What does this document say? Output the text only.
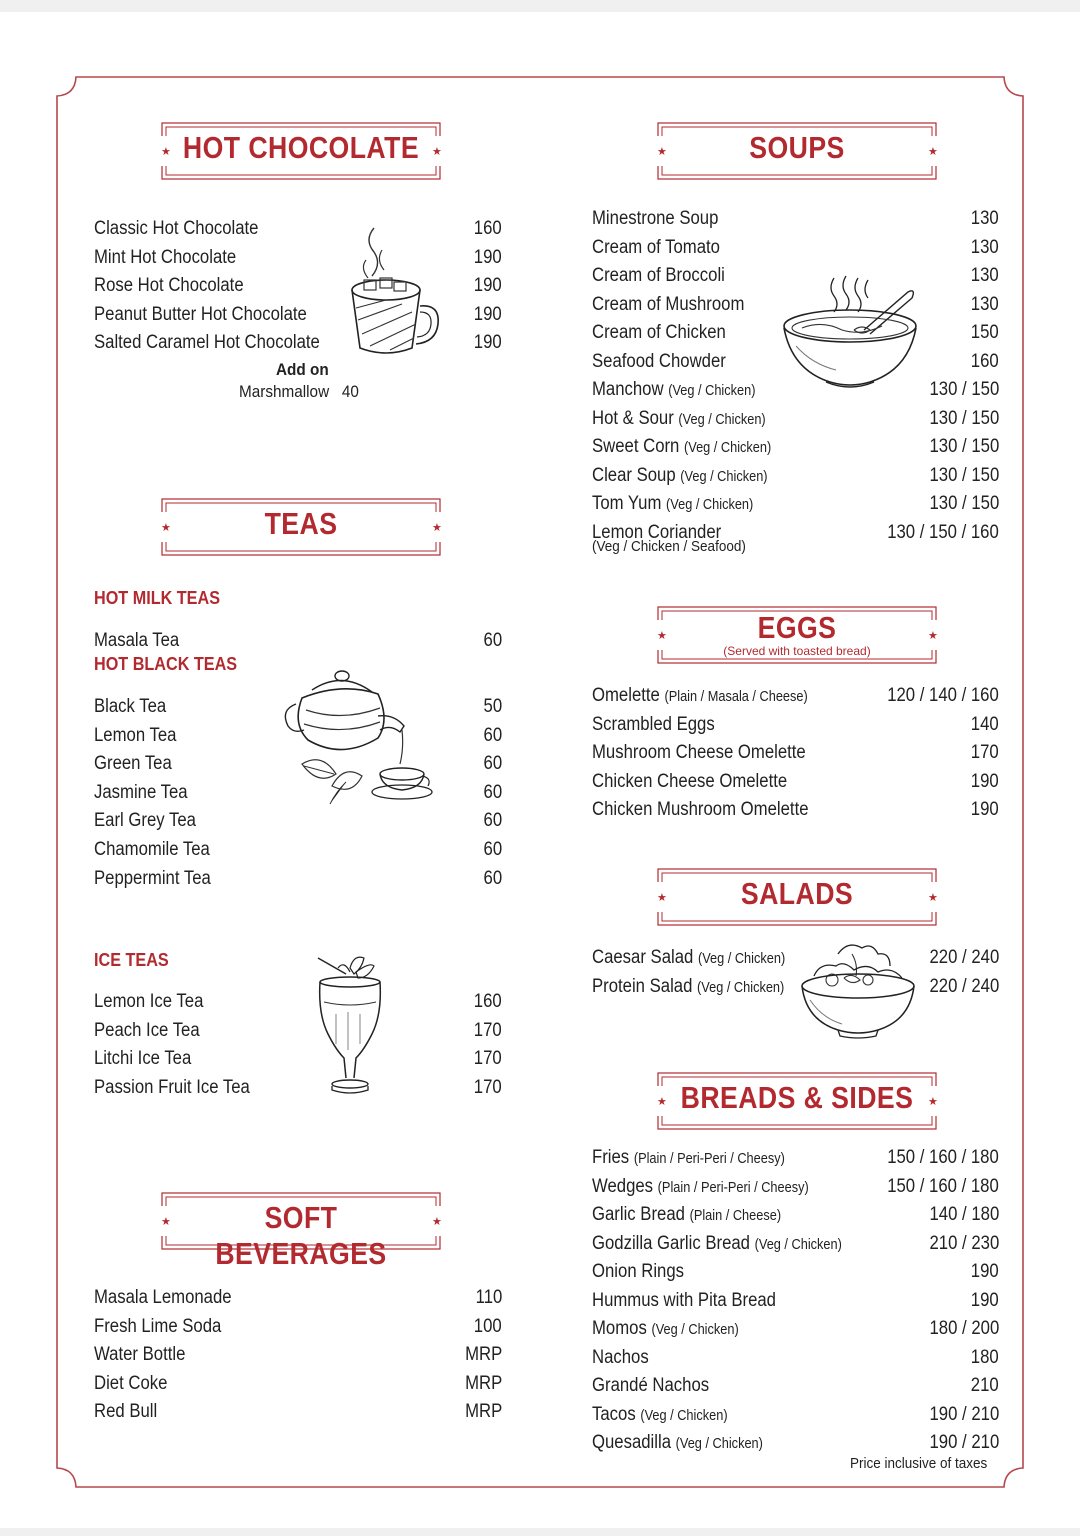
★	★
HOT CHOCOLATE
Classic Hot Chocolate	160
Mint Hot Chocolate	190
Rose Hot Chocolate	190
Peanut Butter Hot Chocolate	190
Salted Caramel Hot Chocolate	190
Add on
Marshmallow 40
★	★
TEAS
HOT MILK TEAS
Masala Tea	60
HOT BLACK TEAS
Black Tea	50
Lemon Tea	60
Green Tea	60
Jasmine Tea	60
Earl Grey Tea	60
Chamomile Tea	60
Peppermint Tea	60
ICE TEAS
Lemon Ice Tea	160
Peach Ice Tea	170
Litchi Ice Tea	170
Passion Fruit Ice Tea	170
★	★
SOFT BEVERAGES
Masala Lemonade	110
Fresh Lime Soda	100
Water Bottle	MRP
Diet Coke	MRP
Red Bull	MRP
★	★
SOUPS
Minestrone Soup	130
Cream of Tomato	130
Cream of Broccoli	130
Cream of Mushroom	130
Cream of Chicken	150
Seafood Chowder	160
Manchow (Veg / Chicken)	130 / 150
Hot & Sour (Veg / Chicken)	130 / 150
Sweet Corn (Veg / Chicken)	130 / 150
Clear Soup (Veg / Chicken)	130 / 150
Tom Yum (Veg / Chicken)	130 / 150
Lemon Coriander	130 / 150 / 160
(Veg / Chicken / Seafood)
★	★
EGGS
(Served with toasted bread)
Omelette (Plain / Masala / Cheese)	120 / 140 / 160
Scrambled Eggs	140
Mushroom Cheese Omelette	170
Chicken Cheese Omelette	190
Chicken Mushroom Omelette	190
★	★
SALADS
Caesar Salad (Veg / Chicken)	220 / 240
Protein Salad (Veg / Chicken)	220 / 240
★	★
BREADS & SIDES
Fries (Plain / Peri-Peri / Cheesy)	150 / 160 / 180
Wedges (Plain / Peri-Peri / Cheesy)	150 / 160 / 180
Garlic Bread (Plain / Cheese)	140 / 180
Godzilla Garlic Bread (Veg / Chicken)	210 / 230
Onion Rings	190
Hummus with Pita Bread	190
Momos (Veg / Chicken)	180 / 200
Nachos	180
Grandé Nachos	210
Tacos (Veg / Chicken)	190 / 210
Quesadilla (Veg / Chicken)	190 / 210
Price inclusive of taxes
